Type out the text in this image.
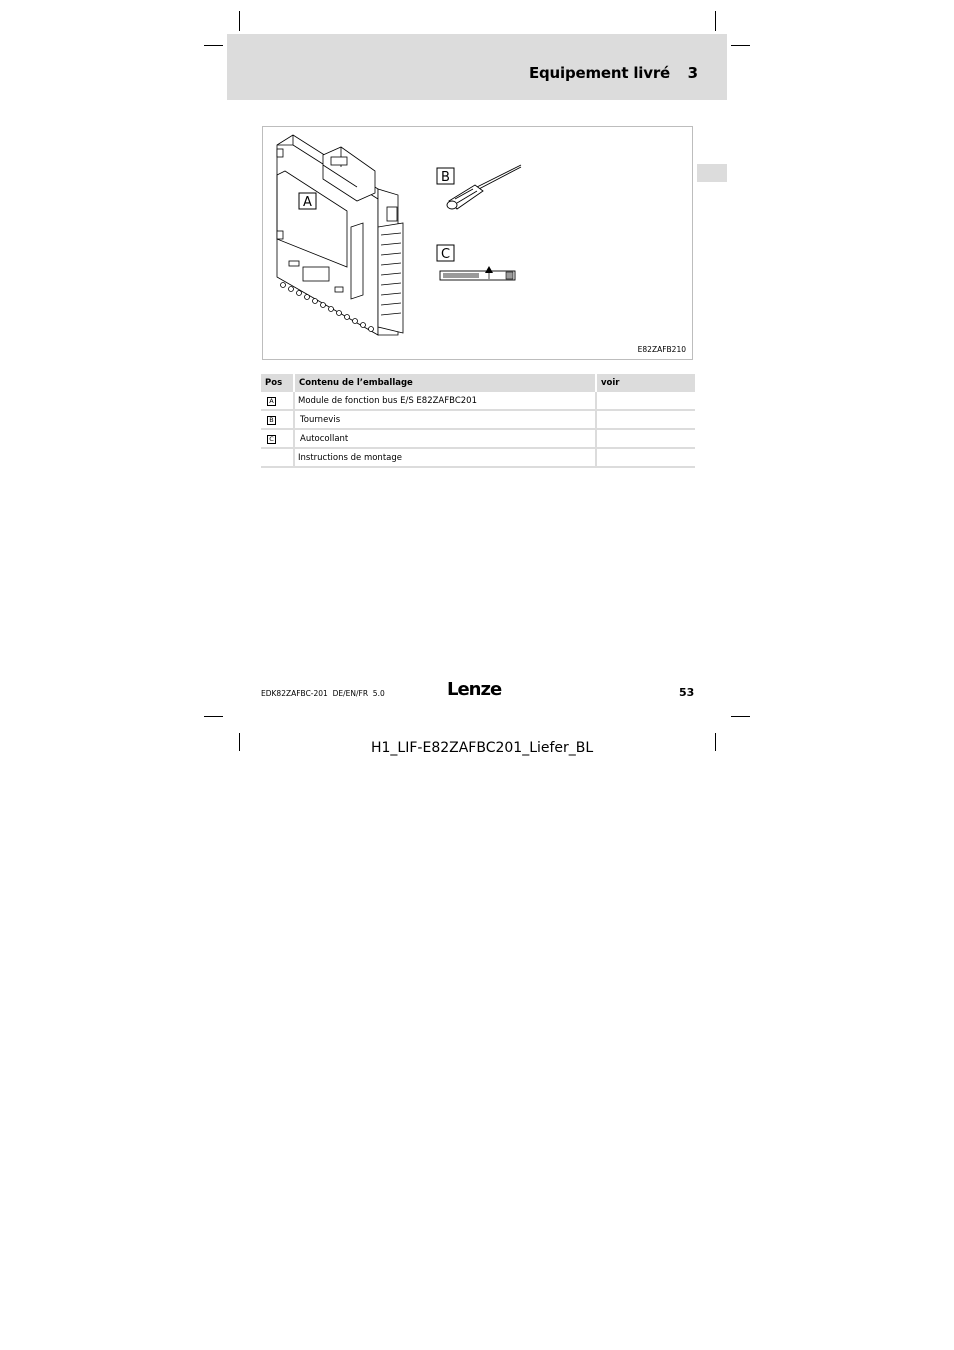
Equipement livré 3
A
B
C
E82ZAFB210
Pos	Contenu de l’emballage	voir
A	Module de fonction bus E/S E82ZAFBC201	
B	Tournevis	
C	Autocollant	
	Instructions de montage	
EDK82ZAFBC-201  DE/EN/FR  5.0	Lenze	53
H1_LIF-E82ZAFBC201_Liefer_BL
